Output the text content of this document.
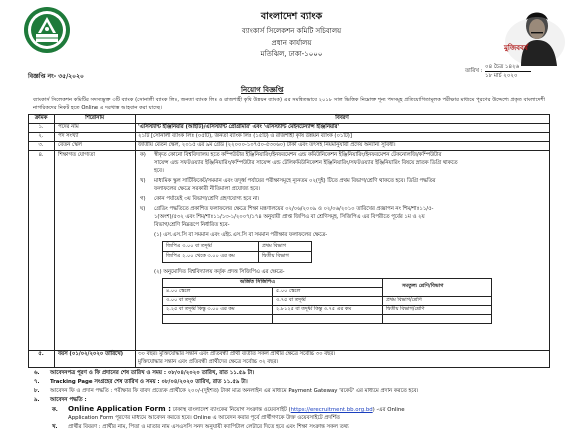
বাংলাদেশ ব্যাংক
ব্যাংকার্স সিলেকশন কমিটি সচিবালয়
প্রধান কার্যালয়
মতিঝিল, ঢাকা-১০০০
মুজিববর্ষ
বিজ্ঞপ্তি নং- ৩৫/২০২০
তারিখ :
০৪ চৈত্র ১৪২৬
১৮ মার্চ ২০২০
নিয়োগ বিজ্ঞপ্তি
ব্যাংকার্স সিলেকশন কমিটির সদস্যভুক্ত ৩টি ব্যাংক (সোনালী ব্যাংক লিঃ, জনতা ব্যাংক লিঃ ও রাজশাহী কৃষি উন্নয়ন ব্যাংক) এর সমন্বিতভাবে ২০১৮ সাল ভিত্তিক নিম্নোক্ত শূন্য পদসমূহ প্রতিযোগিতামূলক পরীক্ষার মাধ্যমে পূরণের উদ্দেশ্যে প্রকৃত বাংলাদেশী নাগরিকদের নিকট হতে Online এ দরখাস্ত আহবান করা যাচ্ছে।
ক্রমিক	শিরোনাম	বিবরণ
১.	পদের নাম	'এসিস্ট্যান্ট ইঞ্জিনিয়ার (আইটি)/এসিস্ট্যান্ট প্রোগ্রামার' এবং 'এসিস্ট্যান্ট মেইনটেন্যান্স ইঞ্জিনিয়ার'
২.	পদ সংখ্যা	২১টি [সোনালী ব্যাংক লিঃ (০৫টি), জনতা ব্যাংক লিঃ (১৫টি) ও রাজশাহী কৃষি উন্নয়ন ব্যাংক (০১টি)]
৩.	বেতন স্কেল	জাতীয় বেতন স্কেল, ২০১৫ এর ৯ম গ্রেড (২২০০০-১০৭৫০-৫৩০৬০) টাকা এবং তৎসহ নিয়মানুযায়ী প্রদেয় অন্যান্য সুবিধা।
৪.	শিক্ষাগত যোগ্যতা	ক) স্বীকৃত কোনো বিশ্ববিদ্যালয় হতে কম্পিউটার ইঞ্জিনিয়ারিং/ইনফরমেশন এন্ড কমিউনিকেশন ইঞ্জিনিয়ারিং/ইনফরমেশন টেকনোলজি/কম্পিউটার
সায়েন্স এন্ড সফটওয়্যার ইঞ্জিনিয়ারিং/কম্পিউটার সায়েন্স এন্ড টেলিকমিউনিকেশন ইঞ্জিনিয়ারিং/সফটওয়্যার ইঞ্জিনিয়ারিং বিষয়ে স্নাতক ডিগ্রি থাকতে
হবে।
খ) মাধ্যমিক স্কুল সার্টিফিকেট/সমমান এবং তদূর্ধ্ব পর্যায়ের পরীক্ষাসমূহে ন্যূনতম ০২(দুই) টিতে প্রথম বিভাগ/শ্রেণি থাকতে হবে। ডিগ্রি পদ্ধতির
ফলাফলের ক্ষেত্রে সরকারী নীতিমালা প্রযোজ্য হবে।
গ) কোন পর্যায়েই ৩য় বিভাগ/শ্রেণি গ্রহণযোগ্য হবে না।
ঘ) গ্রেডিং পদ্ধতিতে প্রকাশিত ফলাফলের ক্ষেত্রে শিক্ষা মন্ত্রণালয়ের ০২/০৬/২০০৯ ও ০২/০৬/২০১০ তারিখের প্রজ্ঞাপন নং শিম/শাঃ১১/৫-
১(অংশ)/৫৩২ এবং শিম/শাঃ১১/১৩-১/২০০৭/১৭৪ অনুযায়ী প্রাপ্ত জিপিএ বা শ্রেণিসমূহ, সিজিপিএ এর বিপরীতে পূর্বের ১ম ও ২য়
বিভাগ/শ্রেণি নিম্নরূপে নির্ধারিত হবে-
(১) এস.এস.সি বা সমমান এবং এইচ.এস.সি বা সমমান পরীক্ষার ফলাফলের ক্ষেত্রে-
জিপিএ ৩.০০ বা তদূর্ধ্ব	প্রথম বিভাগ
জিপিএ ২.০০ থেকে ৩.০০ এর কম	দ্বিতীয় বিভাগ
(২) অনুমোদিত বিশ্ববিদ্যালয় কর্তৃক প্রদত্ত সিজিপিএ এর ক্ষেত্রে-
অর্জিত সিজিপিএ
সমতুল্য শ্রেণি/বিভাগ
৪.০০ স্কেলে	৫.০০ স্কেলে
৩.০০ বা তদূর্ধ্ব	৩.৭৫ বা তদূর্ধ্ব	প্রথম বিভাগ/শ্রেণি
২.২৫ বা তদূর্ধ্ব কিন্তু ৩.০০ এর কম	২.৮১২৫ বা তদূর্ধ্ব কিন্তু ৩.৭৫ এর কম	দ্বিতীয় বিভাগ/শ্রেণি
৫.	বয়স (০১/০২/২০২০ তারিখে)	৩০ বছর। মুক্তিযোদ্ধার সন্তান এবং প্রতিবন্ধী প্রার্থী ব্যতীত সকল প্রার্থীর ক্ষেত্রে সর্বোচ্চ ৩০ বছর।
মুক্তিযোদ্ধার সন্তান এবং প্রতিবন্ধী প্রার্থীদের ক্ষেত্রে সর্বোচ্চ ৩২ বছর।
৬. আবেদনপত্র পূরণ ও ফি প্রদানের শেষ তারিখ ও সময় : ০৮/০৪/২০২০ তারিখ, রাত ১১.৫৯ টা।
৭. Tracking Page সংগ্রহের শেষ তারিখ ও সময় : ০৮/০৪/২০২০ তারিখ, রাত ১১.৫৯ টা।
৮. আবেদন ফি ও প্রদান পদ্ধতি : পরীক্ষার ফি বাবদ প্রত্যেক প্রার্থীকে ২০০/-(দুইশত) টাকা মাত্র অনলাইন এর মাধ্যমে Payment Gateway 'রকেট' এর মাধ্যমে প্রদান করতে হবে।
৯. আবেদন পদ্ধতি :
ক. Online Application Form : ঢাকাস্থ বাংলাদেশ ব্যাংকের নিয়োগ সংক্রান্ত ওয়েবসাইট (https://erecruitment.bb.org.bd) -এর Online
Application Form পূরণের মাধ্যমে আবেদন করতে হবে। Online এ আবেদন করার পূর্বে প্রার্থীগণকে উক্ত ওয়েবসাইটে প্রদর্শিত
খ. প্রার্থীর বিবরণ : প্রার্থীর নাম, পিতা ও মাতার নাম এসএসসি সনদ অনুযায়ী ক্যাপিটাল লেটারে দিতে হবে এবং শিক্ষা সংক্রান্ত সকল তথ্য
